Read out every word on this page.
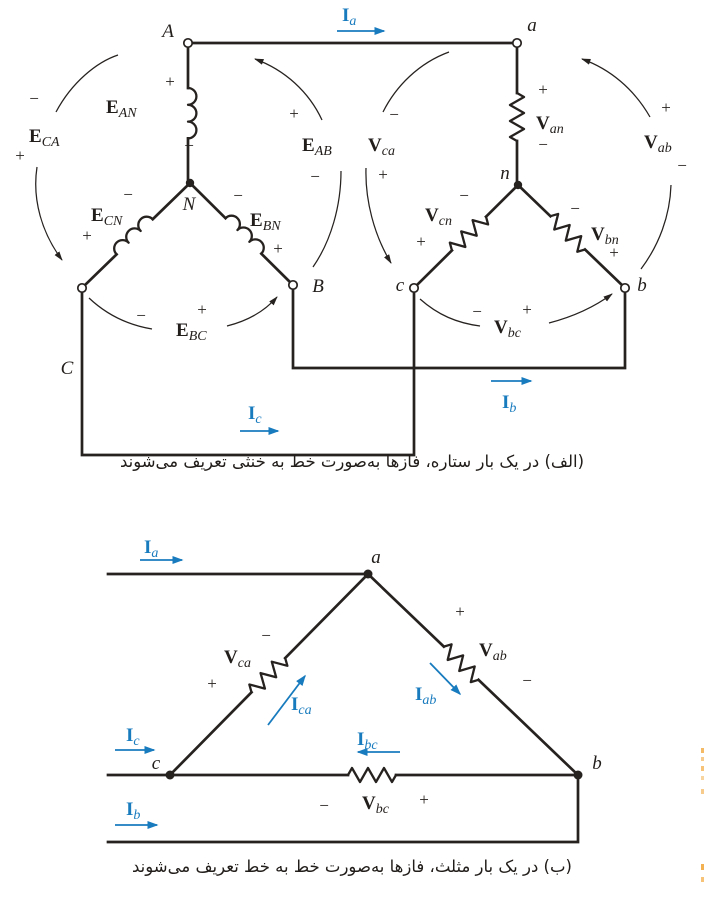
A	a
N
n
B	b
C
c
EAN
ECN	EBN
ECA	EAB
EBC
Van
Vcn
Vbn
Vca	Vab
Vbc
Ia
Ib
Ic
+
−
−
+
−
+
−
+
+
−
−	+
+
−
−
+
−
+
−
+
+
−
− +
a
b
c
Vca
Vab
Vbc
Ia
Ic
Ib
Ibc
Ica
Iab
−
+
+
−
−	+
(الف) در یک بار ستاره، فازها به‌صورت خط به خنثی تعریف می‌شوند
(ب) در یک بار مثلث، فازها به‌صورت خط به خط تعریف می‌شوند
